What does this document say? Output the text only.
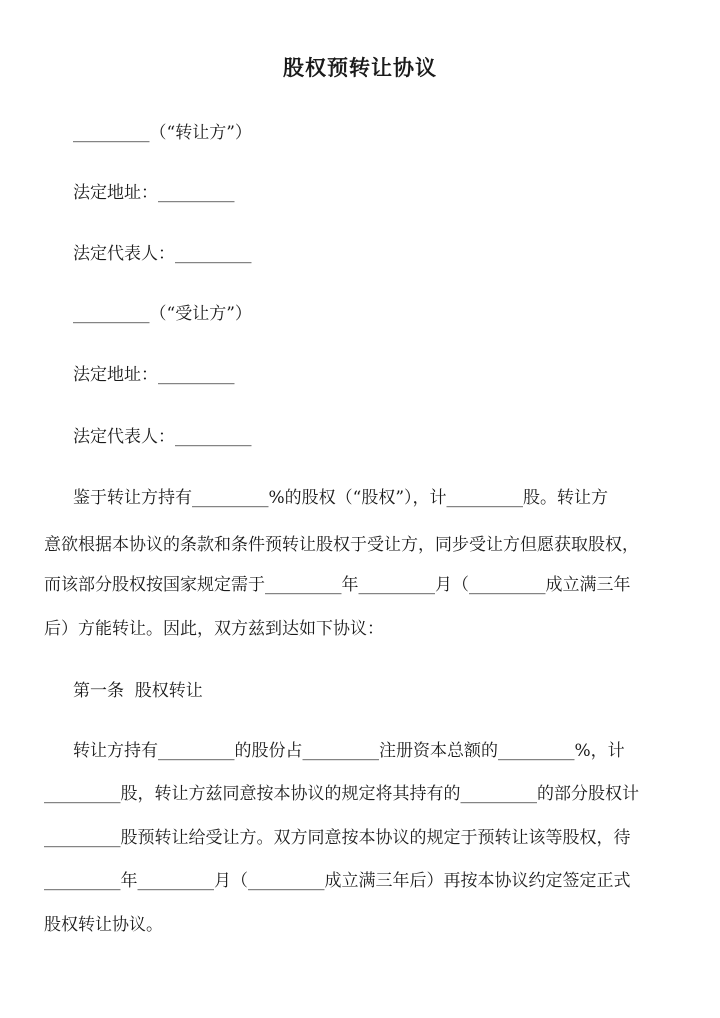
股权预转让协议
_________（“转让方”）
法定地址：_________
法定代表人：_________
_________（“受让方”）
法定地址：_________
法定代表人：_________
鉴于转让方持有_________%的股权（“股权”），计_________股。转让方
意欲根据本协议的条款和条件预转让股权于受让方，同步受让方但愿获取股权，
而该部分股权按国家规定需于_________年_________月（_________成立满三年
后）方能转让。因此，双方兹到达如下协议：
第一条  股权转让
转让方持有_________的股份占_________注册资本总额的_________%，计
_________股，转让方兹同意按本协议的规定将其持有的_________的部分股权计
_________股预转让给受让方。双方同意按本协议的规定于预转让该等股权，待
_________年_________月（_________成立满三年后）再按本协议约定签定正式
股权转让协议。
